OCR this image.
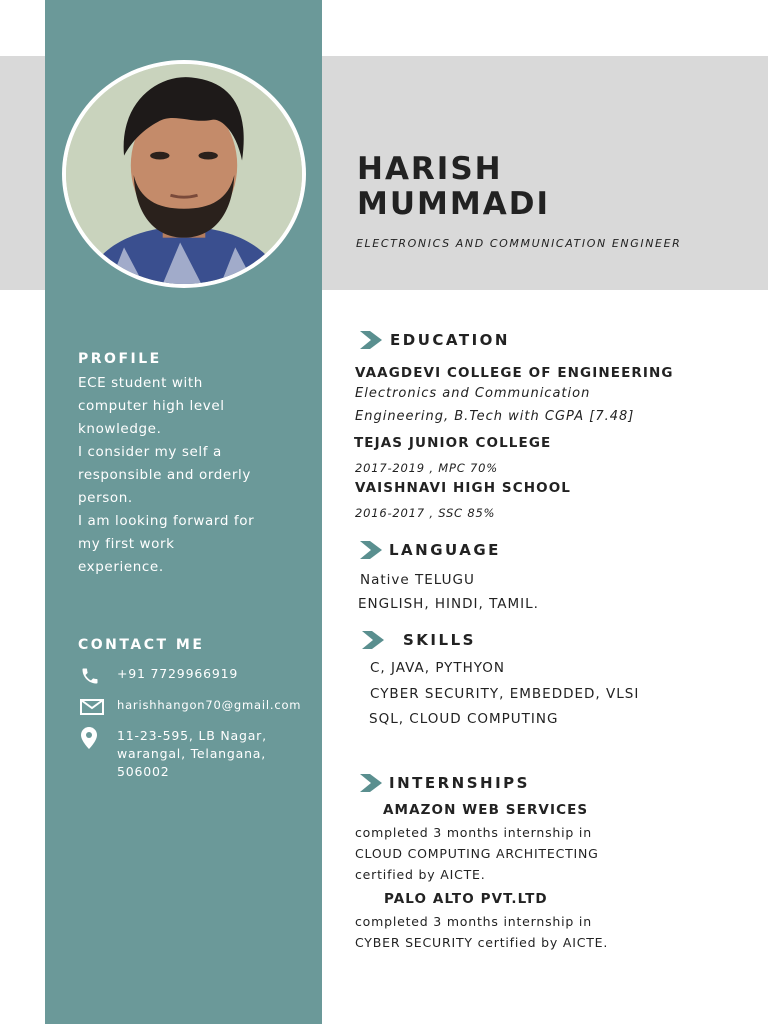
HARISH
MUMMADI
ELECTRONICS AND COMMUNICATION ENGINEER
PROFILE
ECE student with
computer high level
knowledge.
I consider my self a
responsible and orderly
person.
I am looking forward for
my first work
experience.
CONTACT ME
+91 7729966919
harishhangon70@gmail.com
11-23-595, LB Nagar,
warangal, Telangana,
506002
EDUCATION
VAAGDEVI COLLEGE OF ENGINEERING
Electronics and Communication
Engineering, B.Tech with CGPA [7.48]
TEJAS JUNIOR COLLEGE
2017-2019 , MPC 70%
VAISHNAVI HIGH SCHOOL
2016-2017 , SSC 85%
LANGUAGE
Native TELUGU
ENGLISH, HINDI, TAMIL.
SKILLS
C, JAVA, PYTHYON
CYBER SECURITY, EMBEDDED, VLSI
SQL, CLOUD COMPUTING
INTERNSHIPS
AMAZON WEB SERVICES
completed 3 months internship in
CLOUD COMPUTING ARCHITECTING
certified by AICTE.
PALO ALTO PVT.LTD
completed 3 months internship in
CYBER SECURITY certified by AICTE.
